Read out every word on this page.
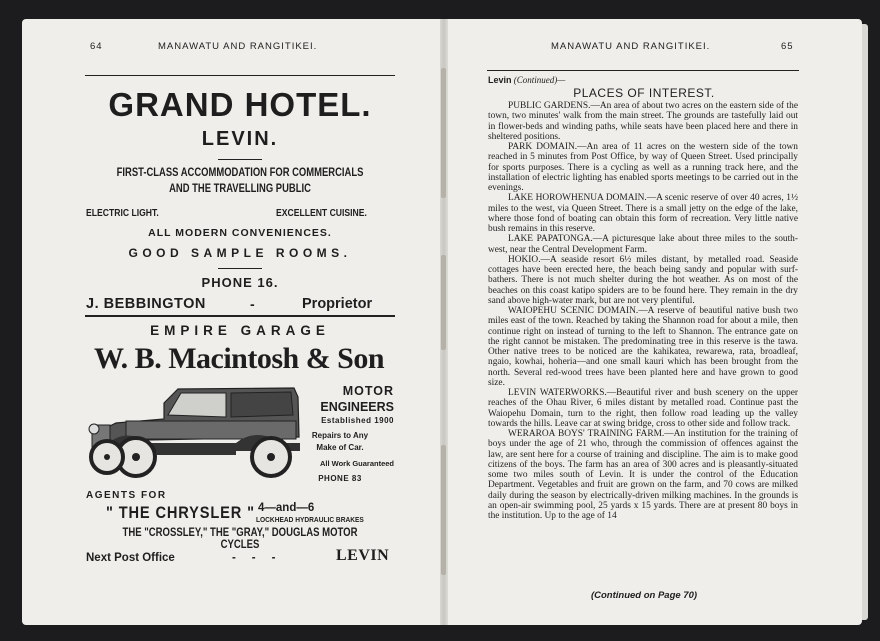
64	MANAWATU AND RANGITIKEI.
GRAND HOTEL.
LEVIN.
FIRST-CLASS ACCOMMODATION FOR COMMERCIALS
AND THE TRAVELLING PUBLIC
ELECTRIC LIGHT.	EXCELLENT CUISINE.
ALL MODERN CONVENIENCES.
GOOD SAMPLE ROOMS.
PHONE 16.
J. BEBBINGTON	-	Proprietor
EMPIRE GARAGE
W. B. Macintosh & Son
MOTOR
ENGINEERS
Established 1900
Repairs to Any
Make of Car.
All Work Guaranteed
PHONE 83
AGENTS FOR
" THE CHRYSLER " 4—and—6
LOCKHEAD HYDRAULIC BRAKES
THE "CROSSLEY," THE "GRAY," DOUGLAS MOTOR CYCLES
Next Post Office	-     -     -	LEVIN
MANAWATU AND RANGITIKEI.	65
Levin (Continued)—
PLACES OF INTEREST.

PUBLIC GARDENS.—An area of about two acres on the eastern side of the town, two minutes' walk from the main street. The grounds are tastefully laid out in flower-beds and winding paths, while seats have been placed here and there in sheltered positions.

PARK DOMAIN.—An area of 11 acres on the western side of the town reached in 5 minutes from Post Office, by way of Queen Street. Used principally for sports purposes. There is a cycling as well as a running track here, and the installation of electric lighting has enabled sports meetings to be carried out in the evenings.

LAKE HOROWHENUA DOMAIN.—A scenic reserve of over 40 acres, 1½ miles to the west, via Queen Street. There is a small jetty on the edge of the lake, where those fond of boating can obtain this form of recreation. Very little native bush remains in this reserve.

LAKE PAPATONGA.—A picturesque lake about three miles to the south-west, near the Central Development Farm.

HOKIO.—A seaside resort 6½ miles distant, by metalled road. Seaside cottages have been erected here, the beach being sandy and popular with surf-bathers. There is not much shelter during the hot weather. As on most of the beaches on this coast katipo spiders are to be found here. They remain in the dry sand above high-water mark, but are not very plentiful.

WAIOPEHU SCENIC DOMAIN.—A reserve of beautiful native bush two miles east of the town. Reached by taking the Shannon road for about a mile, then continue right on instead of turning to the left to Shannon. The entrance gate on the right cannot be mistaken. The predominating tree in this reserve is the tawa. Other native trees to be noticed are the kahikatea, rewarewa, rata, broadleaf, ngaio, kowhai, hoheria—and one small kauri which has been brought from the north. Several red-wood trees have been planted here and have grown to good size.

LEVIN WATERWORKS.—Beautiful river and bush scenery on the upper reaches of the Ohau River, 6 miles distant by metalled road. Continue past the Waiopehu Domain, turn to the right, then follow road leading up the valley towards the hills. Leave car at swing bridge, cross to other side and follow track.

WERAROA BOYS' TRAINING FARM.—An institution for the training of boys under the age of 21 who, through the commission of offences against the law, are sent here for a course of training and discipline. The aim is to make good citizens of the boys. The farm has an area of 300 acres and is pleasantly-situated some two miles south of Levin. It is under the control of the Education Department. Vegetables and fruit are grown on the farm, and 70 cows are milked daily during the season by electrically-driven milking machines. In the grounds is an open-air swimming pool, 25 yards x 15 yards. There are at present 80 boys in the institution. Up to the age of 14

(Continued on Page 70)
